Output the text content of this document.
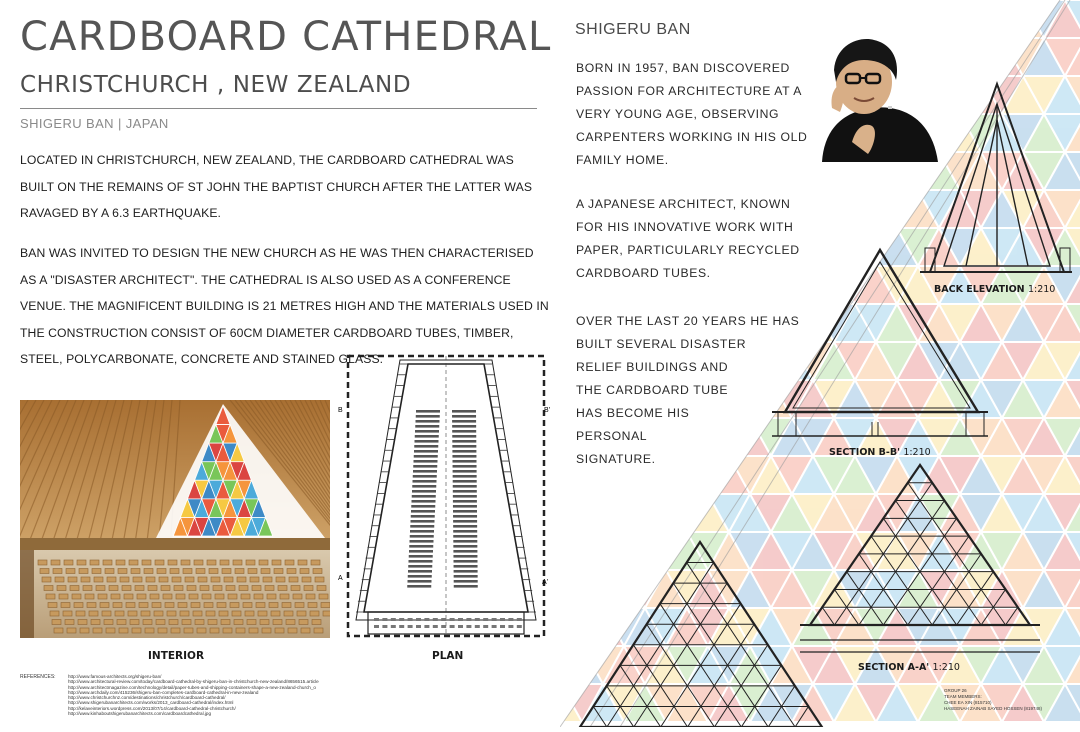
CARDBOARD CATHEDRAL
CHRISTCHURCH , NEW ZEALAND
SHIGERU BAN | JAPAN

LOCATED IN CHRISTCHURCH, NEW ZEALAND, THE CARDBOARD CATHEDRAL WAS BUILT ON THE REMAINS OF ST JOHN THE BAPTIST CHURCH AFTER THE LATTER WAS RAVAGED BY A 6.3 EARTHQUAKE.

BAN WAS INVITED TO DESIGN THE NEW CHURCH AS HE WAS THEN CHARACTERISED AS A "DISASTER ARCHITECT". THE CATHEDRAL IS ALSO USED AS A CONFERENCE VENUE. THE MAGNIFICENT BUILDING IS 21 METRES HIGH AND THE MATERIALS USED IN THE CONSTRUCTION CONSIST OF 60CM DIAMETER CARDBOARD TUBES, TIMBER, STEEL, POLYCARBONATE, CONCRETE AND STAINED GLASS.

B	B'
A
A'
INTERIOR	PLAN
REFERENCES:	http://www.famous-architects.org/shigeru-ban/
http://www.architectural-review.com/today/cardboard-cathedral-by-shigeru-ban-in-christchurch-new-zealand/8656515.article
http://www.architectmagazine.com/technology/detail/paper-tubes-and-shipping-containers-shape-a-new-zealand-church_o
http://www.archdaily.com/415236/shigeru-ban-completes-cardboard-cathedral-in-new-zealand
http://www.christchurchnz.com/destinations/christchurch/cardboard-cathedral/
http://www.shigerubanarchitects.com/works/2013_cardboard-cathedral/index.html
http://kelaveinteriors.wordpress.com/2013/07/14/cardboard-cathedral-christchurch/
http://www.kinhaboutshigerubanarchitects.com/cardboardcathedral.jpg
SHIGERU BAN

BORN IN 1957, BAN DISCOVERED
PASSION FOR ARCHITECTURE AT A
VERY YOUNG AGE, OBSERVING
CARPENTERS WORKING IN HIS OLD
FAMILY HOME.

A JAPANESE ARCHITECT, KNOWN
FOR HIS INNOVATIVE WORK WITH
PAPER, PARTICULARLY RECYCLED
CARDBOARD TUBES.

OVER THE LAST 20 YEARS HE HAS
BUILT SEVERAL DISASTER
RELIEF BUILDINGS AND
THE CARDBOARD TUBE
HAS BECOME HIS
PERSONAL
SIGNATURE.

BACK ELEVATION 1:210
SECTION B-B' 1:210
SECTION A-A' 1:210
GROUP 26
TEAM MEMBERS:
CHEE EA XIN (815710)
HASEENAH ZAINAB SAYED HOSSEN (819748)
